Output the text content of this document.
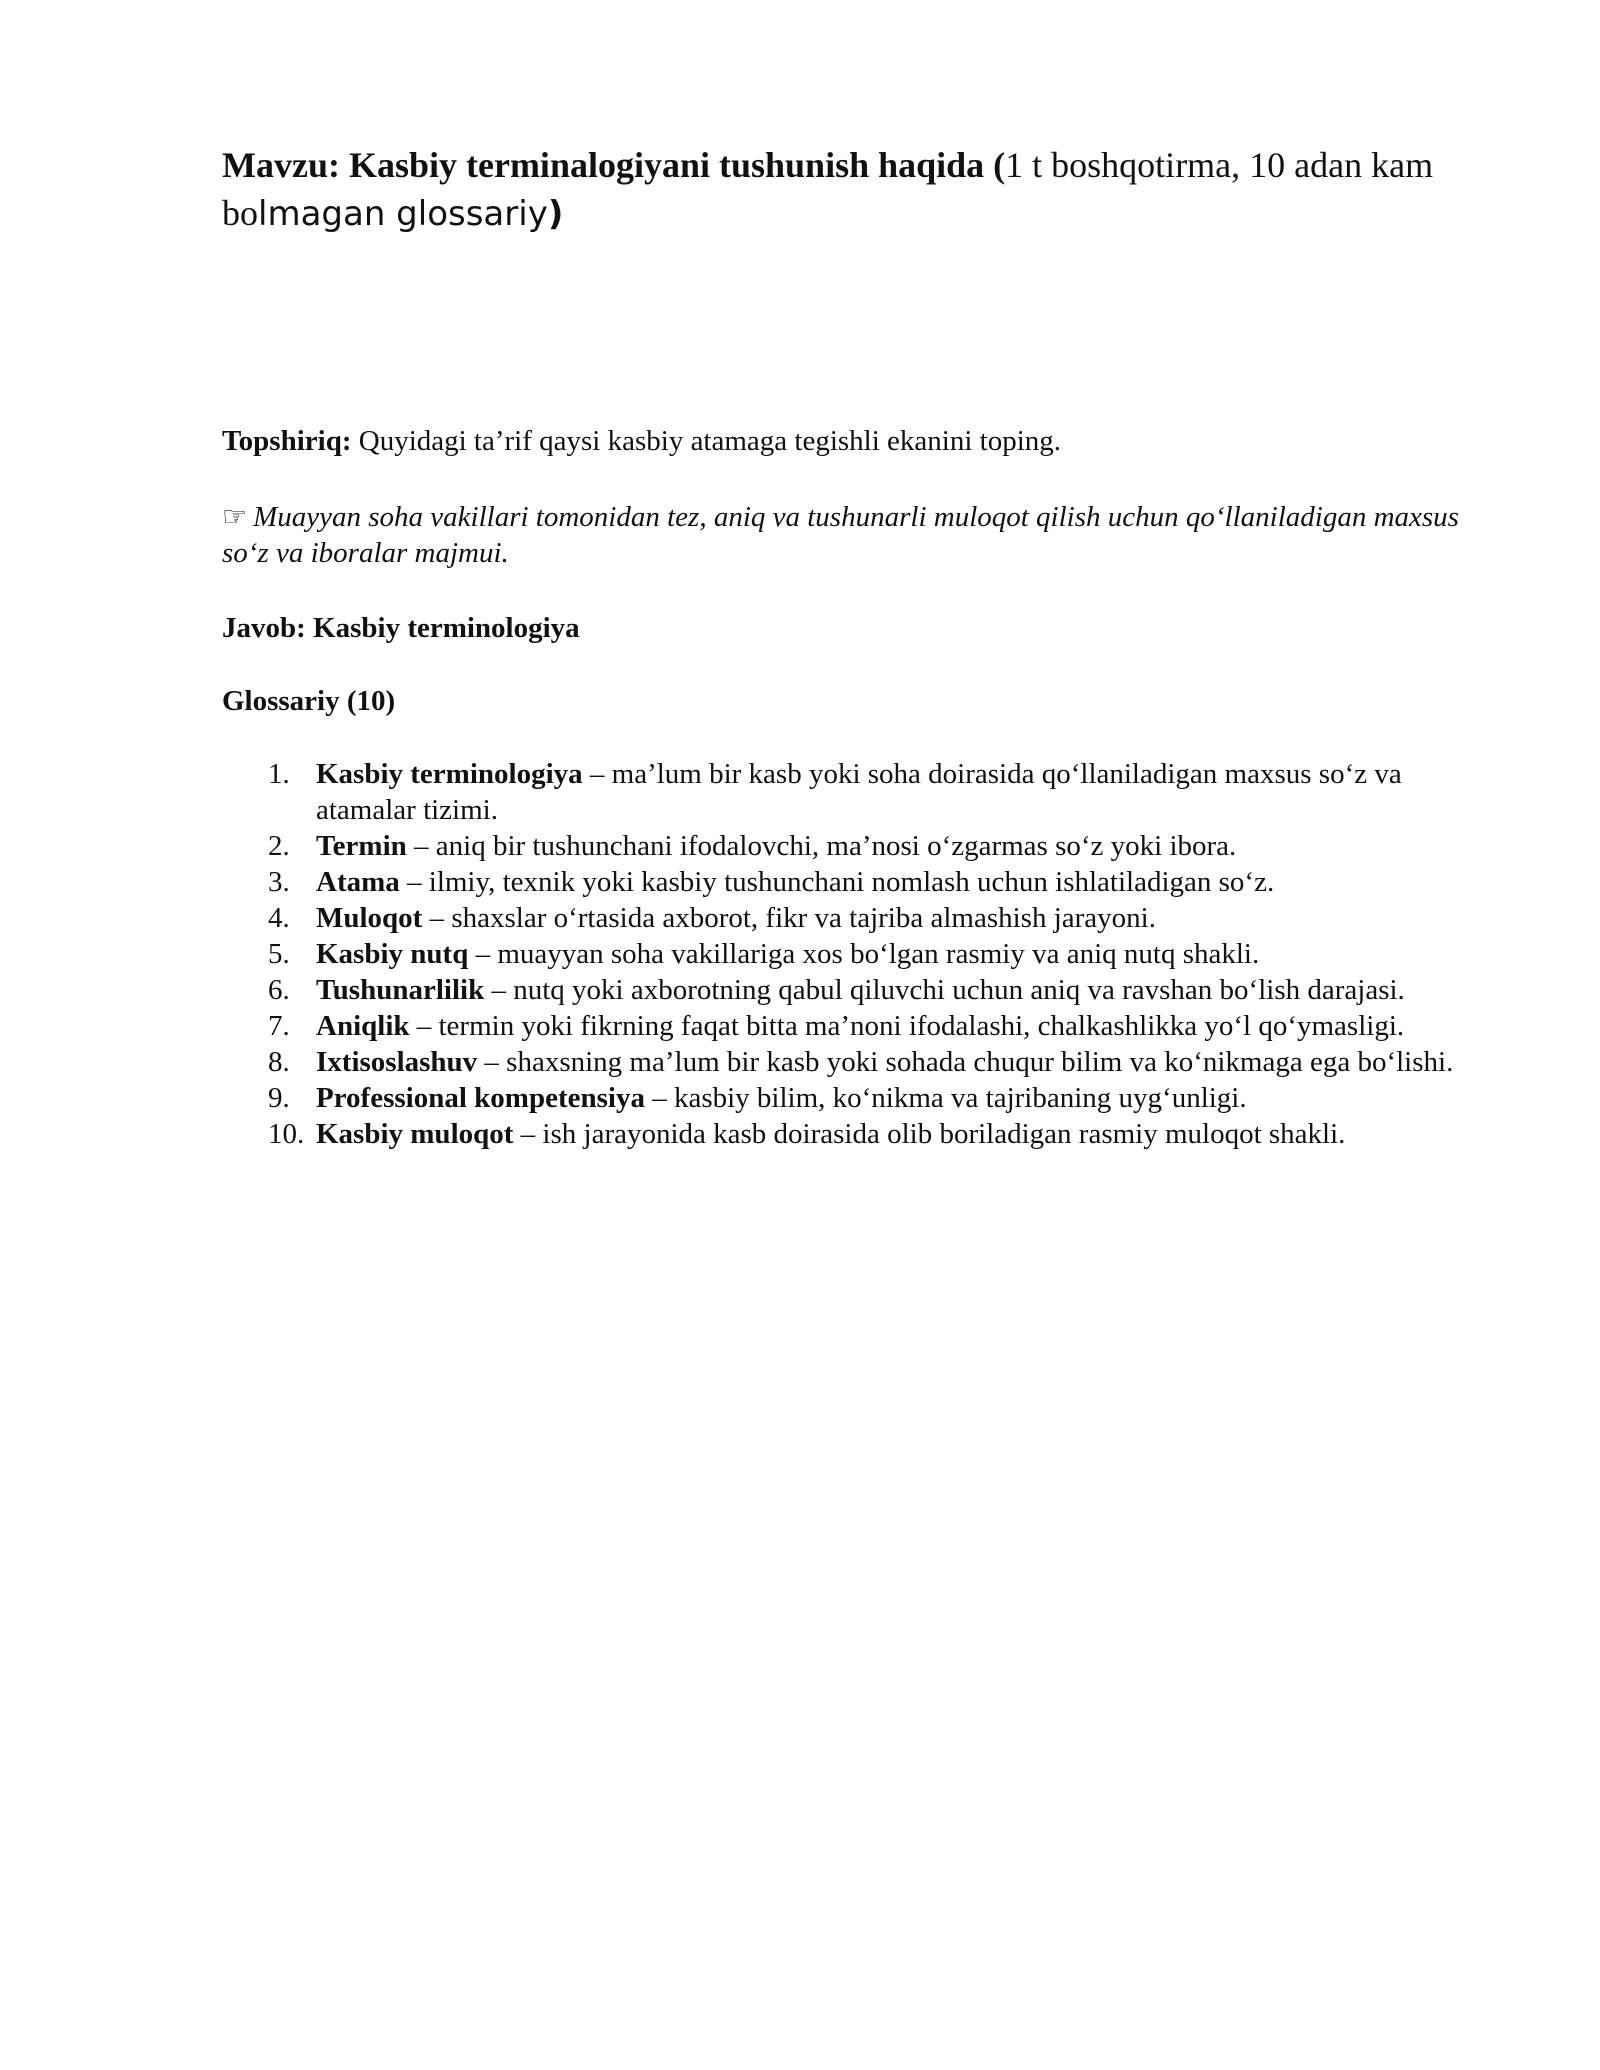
Mavzu: Kasbiy terminalogiyani tushunish haqida (1 t boshqotirma, 10 adan kam bolmagan glossariy)

Topshiriq: Quyidagi ta’rif qaysi kasbiy atamaga tegishli ekanini toping.

☞ Muayyan soha vakillari tomonidan tez, aniq va tushunarli muloqot qilish uchun qo‘llaniladigan maxsus so‘z va iboralar majmui.

Javob: Kasbiy terminologiya

Glossariy (10)

1. Kasbiy terminologiya – ma’lum bir kasb yoki soha doirasida qo‘llaniladigan maxsus so‘z va atamalar tizimi.
2. Termin – aniq bir tushunchani ifodalovchi, ma’nosi o‘zgarmas so‘z yoki ibora.
3. Atama – ilmiy, texnik yoki kasbiy tushunchani nomlash uchun ishlatiladigan so‘z.
4. Muloqot – shaxslar o‘rtasida axborot, fikr va tajriba almashish jarayoni.
5. Kasbiy nutq – muayyan soha vakillariga xos bo‘lgan rasmiy va aniq nutq shakli.
6. Tushunarlilik – nutq yoki axborotning qabul qiluvchi uchun aniq va ravshan bo‘lish darajasi.
7. Aniqlik – termin yoki fikrning faqat bitta ma’noni ifodalashi, chalkashlikka yo‘l qo‘ymasligi.
8. Ixtisoslashuv – shaxsning ma’lum bir kasb yoki sohada chuqur bilim va ko‘nikmaga ega bo‘lishi.
9. Professional kompetensiya – kasbiy bilim, ko‘nikma va tajribaning uyg‘unligi.
10. Kasbiy muloqot – ish jarayonida kasb doirasida olib boriladigan rasmiy muloqot shakli.
